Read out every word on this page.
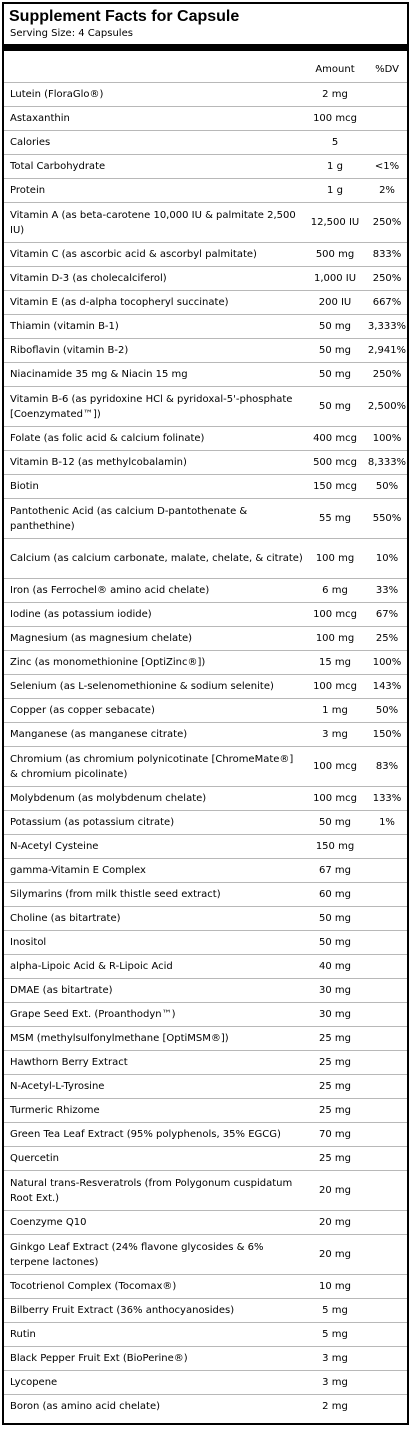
Supplement Facts for Capsule
Serving Size: 4 Capsules
Amount	%DV
Lutein (FloraGlo®)	2 mg
Astaxanthin	100 mcg
Calories	5
Total Carbohydrate	1 g	<1%
Protein	1 g	2%
Vitamin A (as beta-carotene 10,000 IU & palmitate 2,500 IU)
12,500 IU	250%
Vitamin C (as ascorbic acid & ascorbyl palmitate)	500 mg	833%
Vitamin D-3 (as cholecalciferol)	1,000 IU	250%
Vitamin E (as d-alpha tocopheryl succinate)	200 IU	667%
Thiamin (vitamin B-1)	50 mg	3,333%
Riboflavin (vitamin B-2)	50 mg	2,941%
Niacinamide 35 mg & Niacin 15 mg	50 mg	250%
Vitamin B-6 (as pyridoxine HCl & pyridoxal-5'-phosphate [Coenzymated™])
50 mg	2,500%
Folate (as folic acid & calcium folinate)	400 mcg	100%
Vitamin B-12 (as methylcobalamin)	500 mcg	8,333%
Biotin	150 mcg	50%
Pantothenic Acid (as calcium D-pantothenate & panthethine)
55 mg	550%
Calcium (as calcium carbonate, malate, chelate, & citrate)	100 mg	10%
Iron (as Ferrochel® amino acid chelate)	6 mg	33%
Iodine (as potassium iodide)	100 mcg	67%
Magnesium (as magnesium chelate)	100 mg	25%
Zinc (as monomethionine [OptiZinc®])	15 mg	100%
Selenium (as L-selenomethionine & sodium selenite)	100 mcg	143%
Copper (as copper sebacate)	1 mg	50%
Manganese (as manganese citrate)	3 mg	150%
Chromium (as chromium polynicotinate [ChromeMate®] & chromium picolinate)
100 mcg	83%
Molybdenum (as molybdenum chelate)	100 mcg	133%
Potassium (as potassium citrate)	50 mg	1%
N-Acetyl Cysteine	150 mg
gamma-Vitamin E Complex	67 mg
Silymarins (from milk thistle seed extract)	60 mg
Choline (as bitartrate)	50 mg
Inositol	50 mg
alpha-Lipoic Acid & R-Lipoic Acid	40 mg
DMAE (as bitartrate)	30 mg
Grape Seed Ext. (Proanthodyn™)	30 mg
MSM (methylsulfonylmethane [OptiMSM®])	25 mg
Hawthorn Berry Extract	25 mg
N-Acetyl-L-Tyrosine	25 mg
Turmeric Rhizome	25 mg
Green Tea Leaf Extract (95% polyphenols, 35% EGCG)	70 mg
Quercetin	25 mg
Natural trans-Resveratrols (from Polygonum cuspidatum Root Ext.)
20 mg
Coenzyme Q10	20 mg
Ginkgo Leaf Extract (24% flavone glycosides & 6% terpene lactones)
20 mg
Tocotrienol Complex (Tocomax®)	10 mg
Bilberry Fruit Extract (36% anthocyanosides)	5 mg
Rutin	5 mg
Black Pepper Fruit Ext (BioPerine®)	3 mg
Lycopene	3 mg
Boron (as amino acid chelate)	2 mg
